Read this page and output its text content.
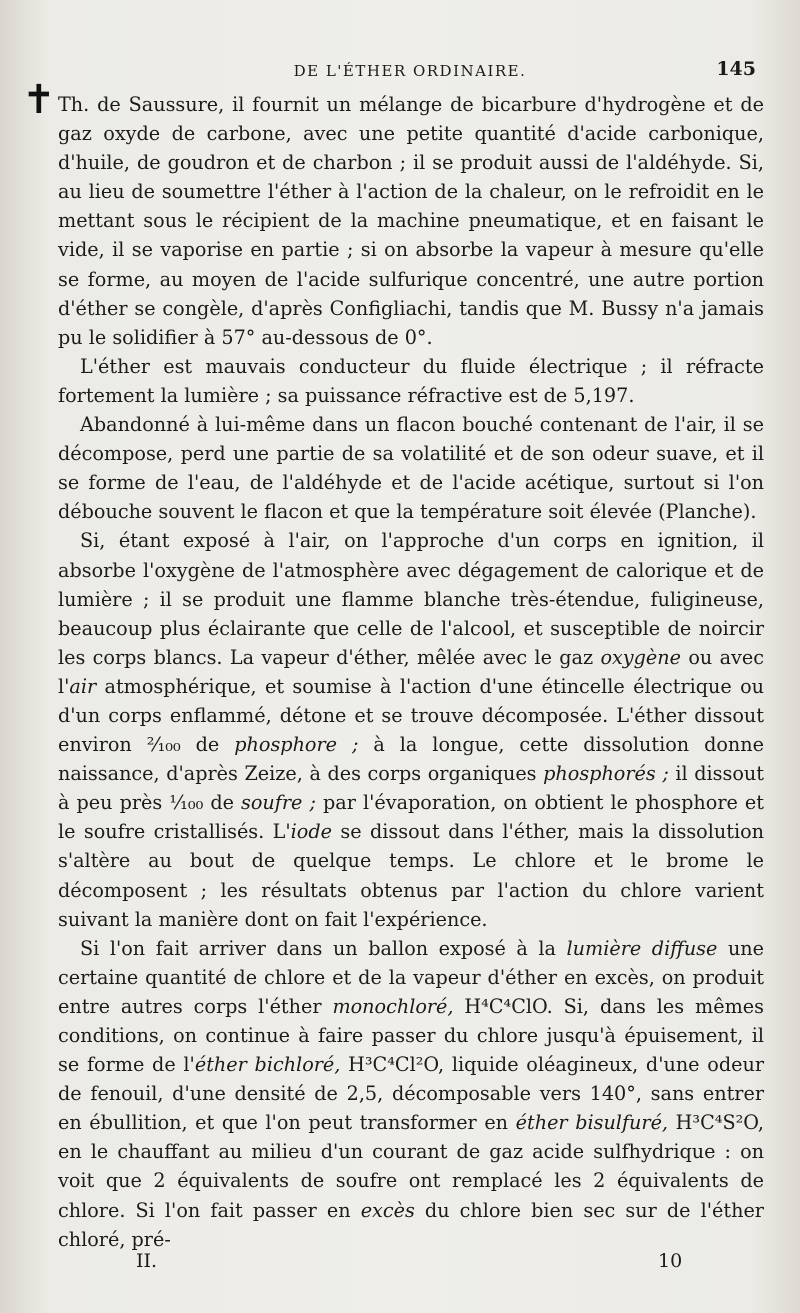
DE L'ÉTHER ORDINAIRE.	145
✝ Th. de Saussure, il fournit un mélange de bicarbure d'hydrogène et de gaz oxyde de carbone, avec une petite quantité d'acide carbonique, d'huile, de goudron et de charbon ; il se produit aussi de l'aldéhyde. Si, au lieu de soumettre l'éther à l'action de la chaleur, on le refroidit en le mettant sous le récipient de la machine pneumatique, et en faisant le vide, il se vaporise en partie ; si on absorbe la vapeur à mesure qu'elle se forme, au moyen de l'acide sulfurique concentré, une autre portion d'éther se congèle, d'après Configliachi, tandis que M. Bussy n'a jamais pu le solidifier à 57° au-dessous de 0°.

L'éther est mauvais conducteur du fluide électrique ; il réfracte fortement la lumière ; sa puissance réfractive est de 5,197.

Abandonné à lui-même dans un flacon bouché contenant de l'air, il se décompose, perd une partie de sa volatilité et de son odeur suave, et il se forme de l'eau, de l'aldéhyde et de l'acide acétique, surtout si l'on débouche souvent le flacon et que la température soit élevée (Planche).

Si, étant exposé à l'air, on l'approche d'un corps en ignition, il absorbe l'oxygène de l'atmosphère avec dégagement de calorique et de lumière ; il se produit une flamme blanche très-étendue, fuligineuse, beaucoup plus éclairante que celle de l'alcool, et susceptible de noircir les corps blancs. La vapeur d'éther, mêlée avec le gaz oxygène ou avec l'air atmosphérique, et soumise à l'action d'une étincelle électrique ou d'un corps enflammé, détone et se trouve décomposée. L'éther dissout environ ²⁄₁₀₀ de phosphore ; à la longue, cette dissolution donne naissance, d'après Zeize, à des corps organiques phosphorés ; il dissout à peu près ¹⁄₁₀₀ de soufre ; par l'évaporation, on obtient le phosphore et le soufre cristallisés. L'iode se dissout dans l'éther, mais la dissolution s'altère au bout de quelque temps. Le chlore et le brome le décomposent ; les résultats obtenus par l'action du chlore varient suivant la manière dont on fait l'expérience.

Si l'on fait arriver dans un ballon exposé à la lumière diffuse une certaine quantité de chlore et de la vapeur d'éther en excès, on produit entre autres corps l'éther monochloré, H⁴C⁴ClO. Si, dans les mêmes conditions, on continue à faire passer du chlore jusqu'à épuisement, il se forme de l'éther bichloré, H³C⁴Cl²O, liquide oléagineux, d'une odeur de fenouil, d'une densité de 2,5, décomposable vers 140°, sans entrer en ébullition, et que l'on peut transformer en éther bisulfuré, H³C⁴S²O, en le chauffant au milieu d'un courant de gaz acide sulfhydrique : on voit que 2 équivalents de soufre ont remplacé les 2 équivalents de chlore. Si l'on fait passer en excès du chlore bien sec sur de l'éther chloré, pré-

II.	10
